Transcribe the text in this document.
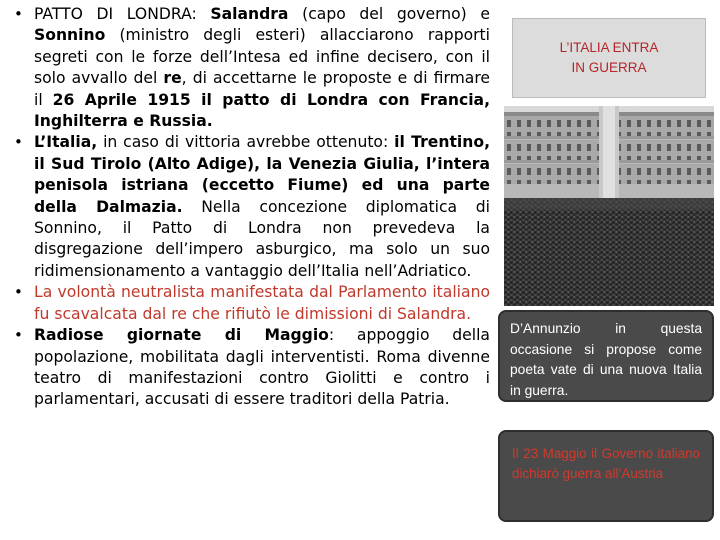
• PATTO DI LONDRA: Salandra (capo del governo) e Sonnino (ministro degli esteri) allacciarono rapporti segreti con le forze dell’Intesa ed infine decisero, con il solo avvallo del re, di accettarne le proposte e di firmare il 26 Aprile 1915 il patto di Londra con Francia, Inghilterra e Russia.

• L’Italia, in caso di vittoria avrebbe ottenuto: il Trentino, il Sud Tirolo (Alto Adige), la Venezia Giulia, l’intera penisola istriana (eccetto Fiume) ed una parte della Dalmazia. Nella concezione diplomatica di Sonnino, il Patto di Londra non prevedeva la disgregazione dell’impero asburgico, ma solo un suo ridimensionamento a vantaggio dell’Italia nell’Adriatico.

• La volontà neutralista manifestata dal Parlamento italiano fu scavalcata dal re che rifiutò le dimissioni di Salandra.

• Radiose giornate di Maggio: appoggio della popolazione, mobilitata dagli interventisti. Roma divenne teatro di manifestazioni contro Giolitti e contro i parlamentari, accusati di essere traditori della Patria.

L’ITALIA ENTRA
IN GUERRA
D’Annunzio in questa occasione si propose come poeta vate di una nuova Italia in guerra.
Il 23 Maggio il Governo italiano dichiarò guerra all’Austria
